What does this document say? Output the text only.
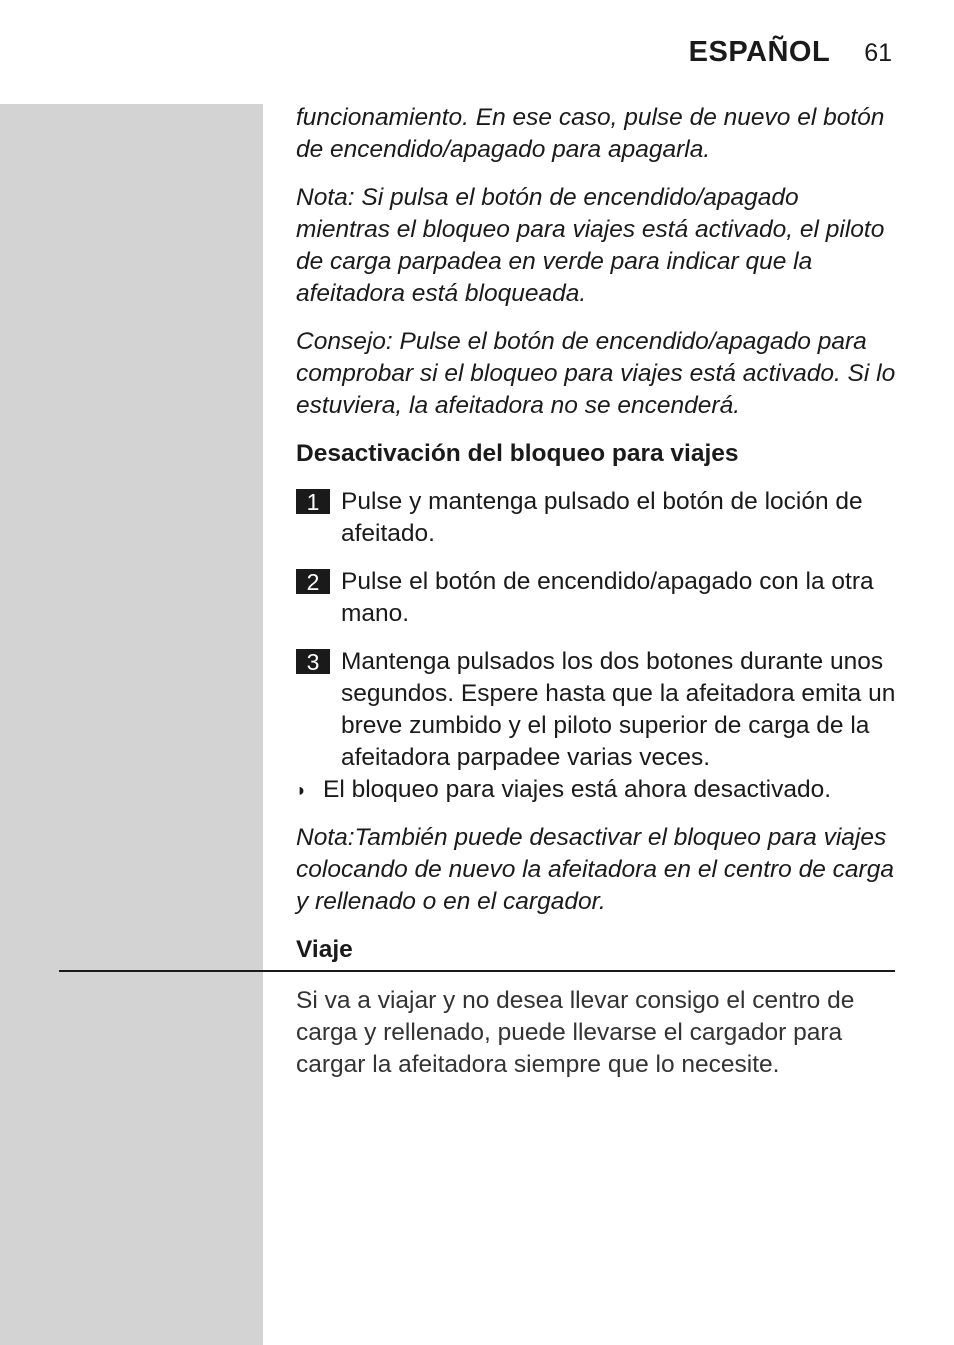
ESPAÑOL 61

funcionamiento. En ese caso, pulse de nuevo el botón de encendido/apagado para apagarla.

Nota: Si pulsa el botón de encendido/apagado mientras el bloqueo para viajes está activado, el piloto de carga parpadea en verde para indicar que la afeitadora está bloqueada.

Consejo: Pulse el botón de encendido/apagado para comprobar si el bloqueo para viajes está activado. Si lo estuviera, la afeitadora no se encenderá.

Desactivación del bloqueo para viajes
1 Pulse y mantenga pulsado el botón de loción de afeitado.
2 Pulse el botón de encendido/apagado con la otra mano.
3 Mantenga pulsados los dos botones durante unos segundos. Espere hasta que la afeitadora emita un breve zumbido y el piloto superior de carga de la afeitadora parpadee varias veces.
◗ El bloqueo para viajes está ahora desactivado.

Nota:También puede desactivar el bloqueo para viajes colocando de nuevo la afeitadora en el centro de carga y rellenado o en el cargador.

Viaje
Si va a viajar y no desea llevar consigo el centro de carga y rellenado, puede llevarse el cargador para cargar la afeitadora siempre que lo necesite.
